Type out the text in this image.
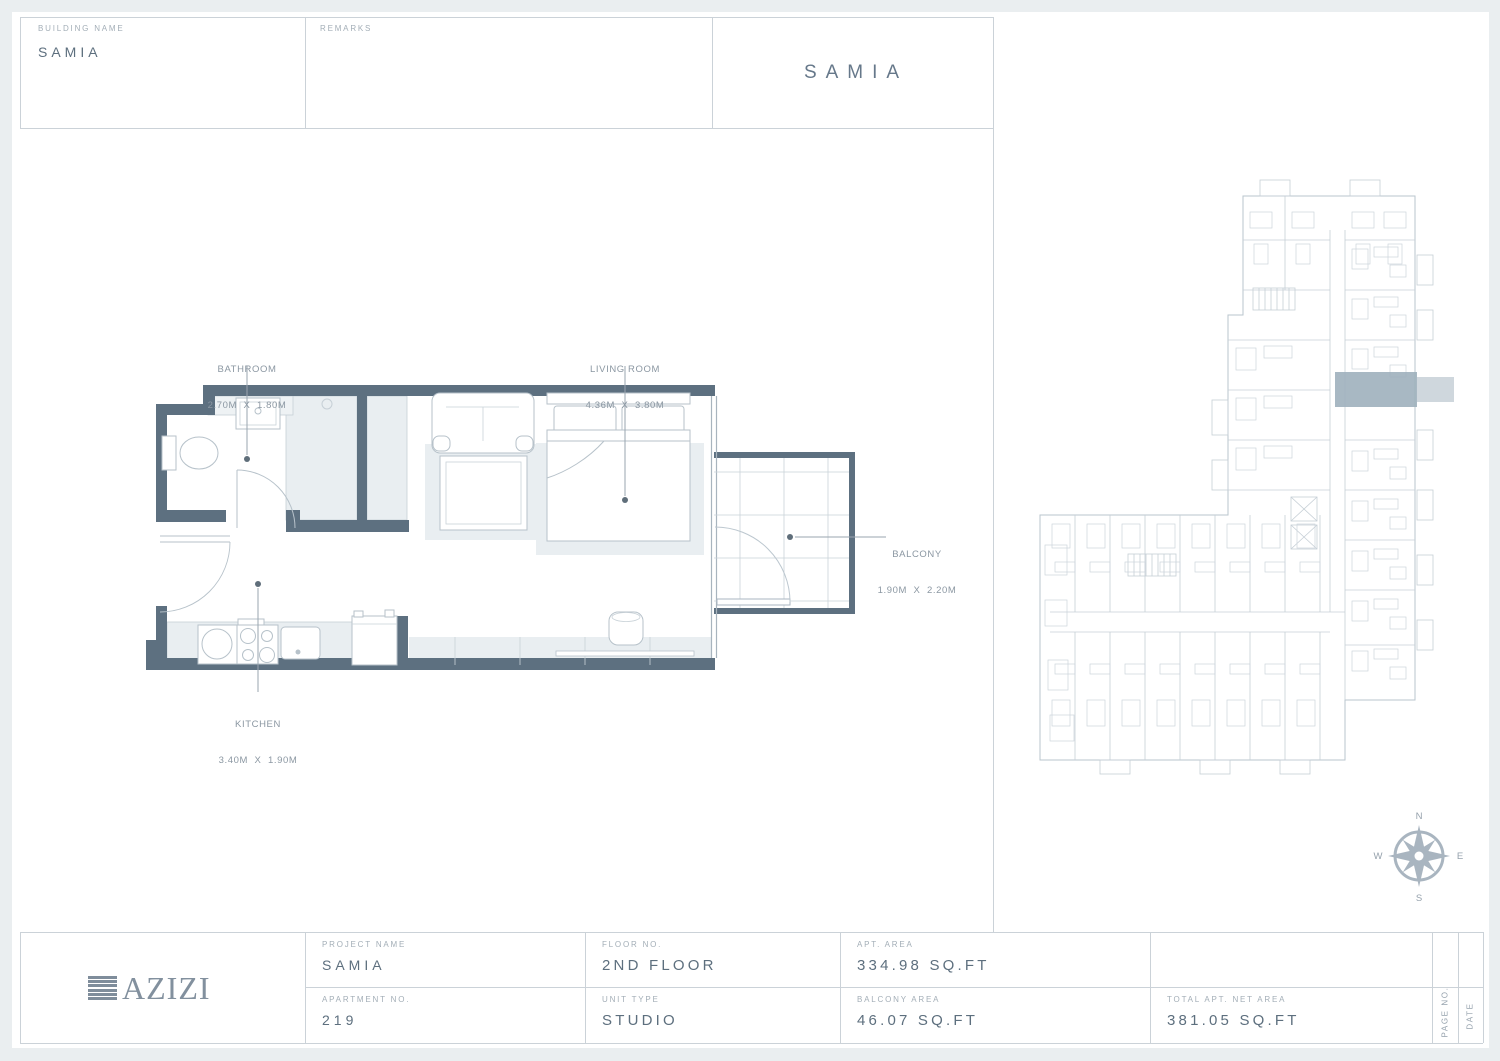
N
E
S
W
BUILDING NAME
SAMIA
REMARKS
SAMIA

BATHROOM

2.70M  X  1.80M

LIVING ROOM

4.36M  X  3.80M

KITCHEN

3.40M  X  1.90M

BALCONY

1.90M  X  2.20M

AZIZI
PROJECT NAME
SAMIA
APARTMENT NO.
219
FLOOR NO.
2ND FLOOR
UNIT TYPE
STUDIO
APT. AREA
334.98 SQ.FT
BALCONY AREA
46.07 SQ.FT
TOTAL APT. NET AREA
381.05 SQ.FT	PAGE NO. DATE
